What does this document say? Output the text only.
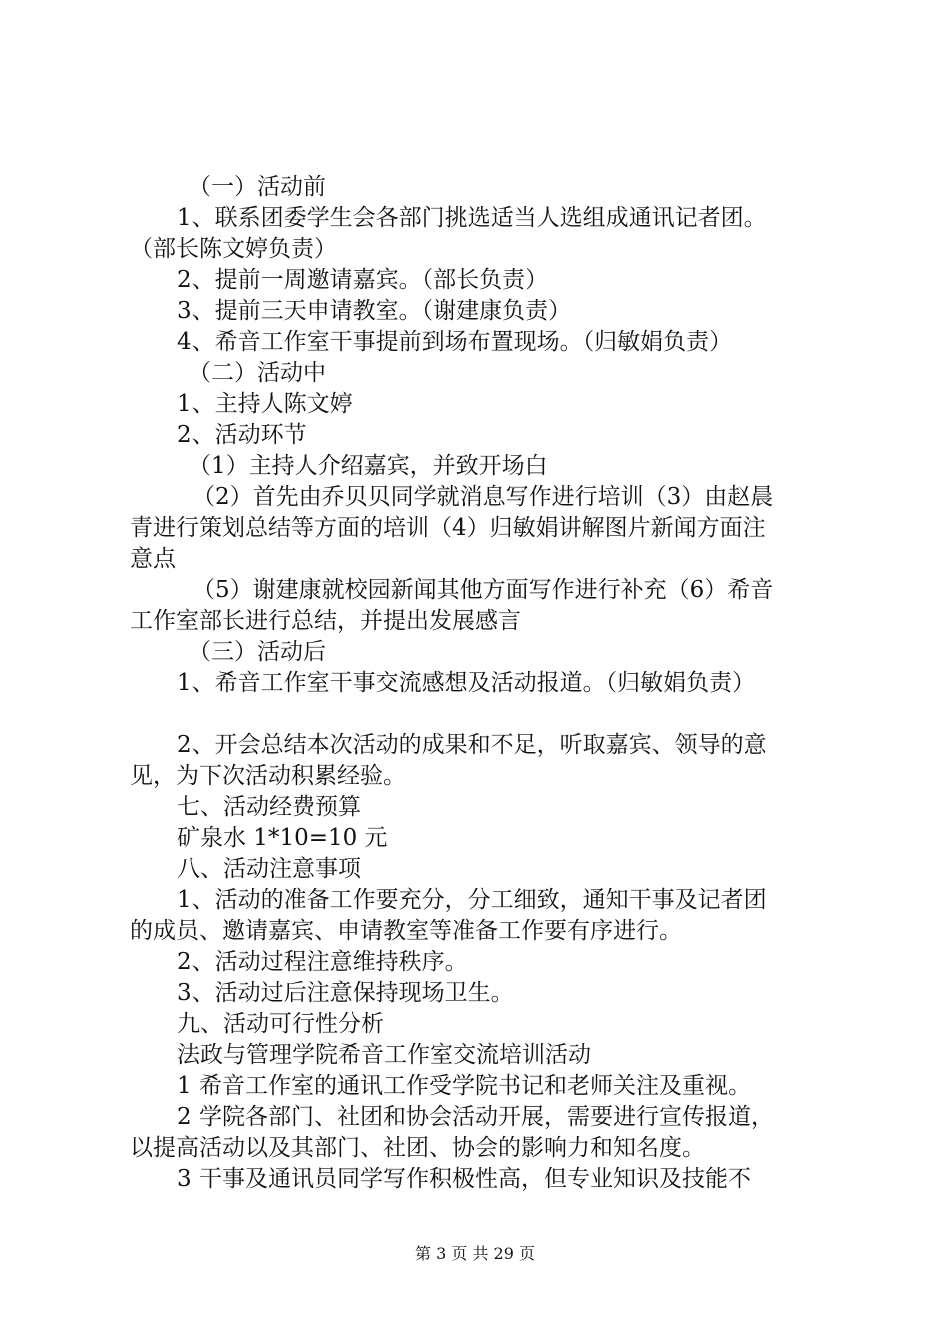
（一）活动前
1、联系团委学生会各部门挑选适当人选组成通讯记者团。
（部长陈文婷负责）
2、提前一周邀请嘉宾。（部长负责）
3、提前三天申请教室。（谢建康负责）
4、希音工作室干事提前到场布置现场。（归敏娟负责）
（二）活动中
1、主持人陈文婷
2、活动环节
（1）主持人介绍嘉宾，并致开场白
（2）首先由乔贝贝同学就消息写作进行培训（3）由赵晨
青进行策划总结等方面的培训（4）归敏娟讲解图片新闻方面注
意点
（5）谢建康就校园新闻其他方面写作进行补充（6）希音
工作室部长进行总结，并提出发展感言
（三）活动后
1、希音工作室干事交流感想及活动报道。（归敏娟负责）
2、开会总结本次活动的成果和不足，听取嘉宾、领导的意
见，为下次活动积累经验。
七、活动经费预算
矿泉水 1*10=10 元
八、活动注意事项
1、活动的准备工作要充分，分工细致，通知干事及记者团
的成员、邀请嘉宾、申请教室等准备工作要有序进行。
2、活动过程注意维持秩序。
3、活动过后注意保持现场卫生。
九、活动可行性分析
法政与管理学院希音工作室交流培训活动
1 希音工作室的通讯工作受学院书记和老师关注及重视。
2 学院各部门、社团和协会活动开展，需要进行宣传报道，
以提高活动以及其部门、社团、协会的影响力和知名度。
3 干事及通讯员同学写作积极性高，但专业知识及技能不
第 3 页 共 29 页
